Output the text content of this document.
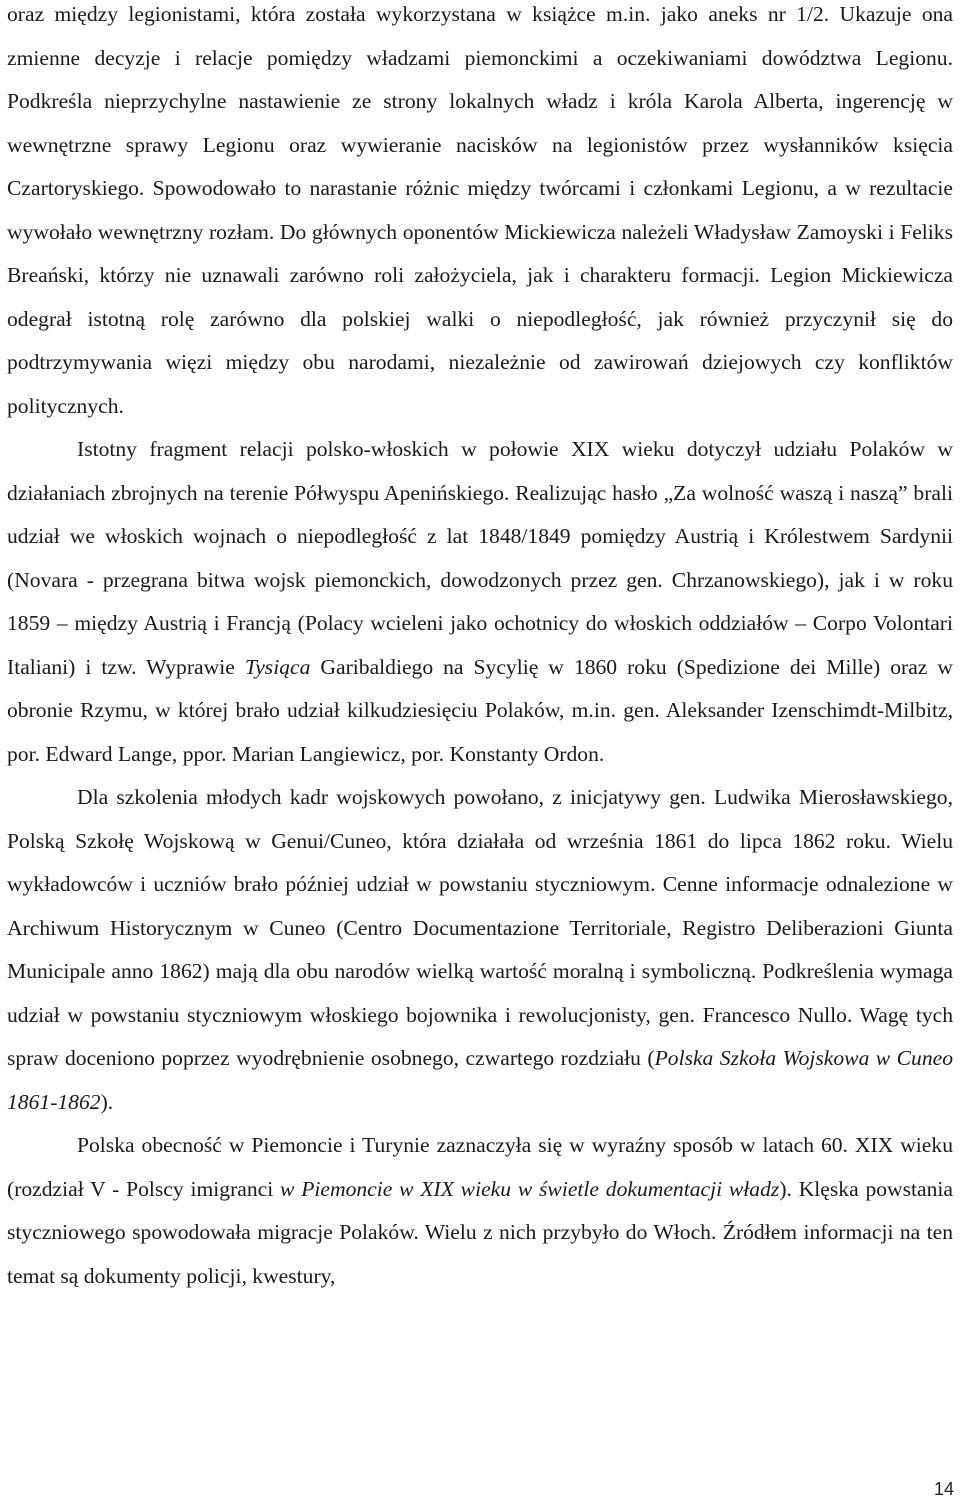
oraz między legionistami, która została wykorzystana w książce m.in. jako aneks nr 1/2. Ukazuje ona zmienne decyzje i relacje pomiędzy władzami piemonckimi a oczekiwaniami dowództwa Legionu. Podkreśla nieprzychylne nastawienie ze strony lokalnych władz i króla Karola Alberta, ingerencję w wewnętrzne sprawy Legionu oraz wywieranie nacisków na legionistów przez wysłanników księcia Czartoryskiego. Spowodowało to narastanie różnic między twórcami i członkami Legionu, a w rezultacie wywołało wewnętrzny rozłam. Do głównych oponentów Mickiewicza należeli Władysław Zamoyski i Feliks Breański, którzy nie uznawali zarówno roli założyciela, jak i charakteru formacji. Legion Mickiewicza odegrał istotną rolę zarówno dla polskiej walki o niepodległość, jak również przyczynił się do podtrzymywania więzi między obu narodami, niezależnie od zawirowań dziejowych czy konfliktów politycznych.

Istotny fragment relacji polsko-włoskich w połowie XIX wieku dotyczył udziału Polaków w działaniach zbrojnych na terenie Półwyspu Apenińskiego. Realizując hasło „Za wolność waszą i naszą” brali udział we włoskich wojnach o niepodległość z lat 1848/1849 pomiędzy Austrią i Królestwem Sardynii (Novara - przegrana bitwa wojsk piemonckich, dowodzonych przez gen. Chrzanowskiego), jak i w roku 1859 – między Austrią i Francją (Polacy wcieleni jako ochotnicy do włoskich oddziałów – Corpo Volontari Italiani) i tzw. Wyprawie Tysiąca Garibaldiego na Sycylię w 1860 roku (Spedizione dei Mille) oraz w obronie Rzymu, w której brało udział kilkudziesięciu Polaków, m.in. gen. Aleksander Izenschimdt-Milbitz, por. Edward Lange, ppor. Marian Langiewicz, por. Konstanty Ordon.

Dla szkolenia młodych kadr wojskowych powołano, z inicjatywy gen. Ludwika Mierosławskiego, Polską Szkołę Wojskową w Genui/Cuneo, która działała od września 1861 do lipca 1862 roku. Wielu wykładowców i uczniów brało później udział w powstaniu styczniowym. Cenne informacje odnalezione w Archiwum Historycznym w Cuneo (Centro Documentazione Territoriale, Registro Deliberazioni Giunta Municipale anno 1862) mają dla obu narodów wielką wartość moralną i symboliczną. Podkreślenia wymaga udział w powstaniu styczniowym włoskiego bojownika i rewolucjonisty, gen. Francesco Nullo. Wagę tych spraw doceniono poprzez wyodrębnienie osobnego, czwartego rozdziału (Polska Szkoła Wojskowa w Cuneo 1861-1862).

Polska obecność w Piemoncie i Turynie zaznaczyła się w wyraźny sposób w latach 60. XIX wieku (rozdział V - Polscy imigranci w Piemoncie w XIX wieku w świetle dokumentacji władz). Klęska powstania styczniowego spowodowała migracje Polaków. Wielu z nich przybyło do Włoch. Źródłem informacji na ten temat są dokumenty policji, kwestury,

14
